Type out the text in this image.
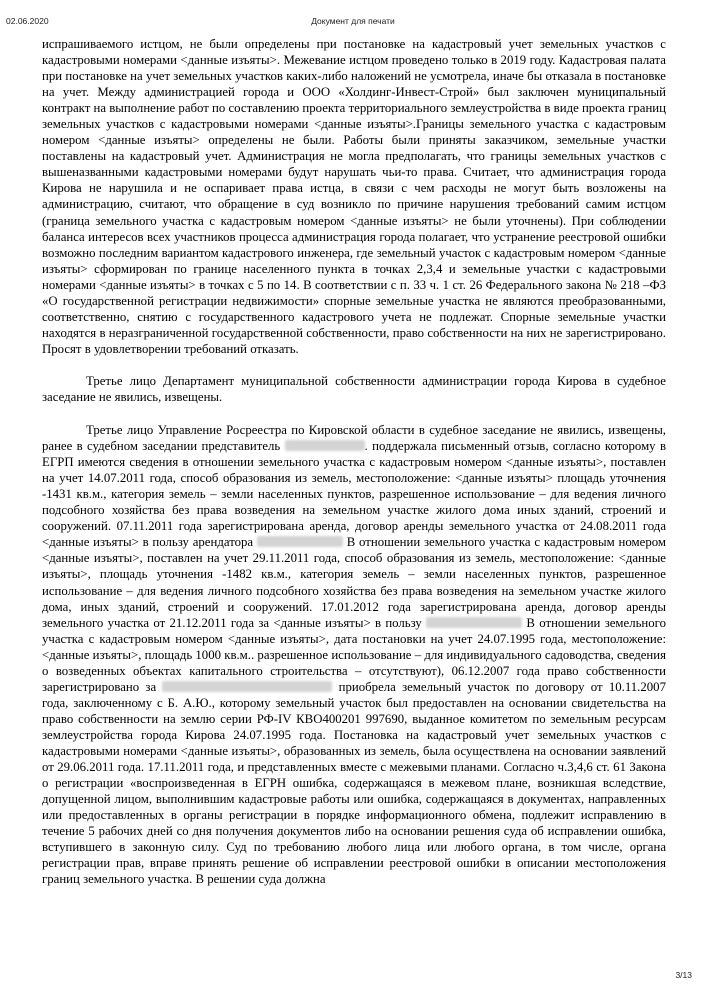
02.06.2020	Документ для печати

испрашиваемого истцом, не были определены при постановке на кадастровый учет земельных участков с кадастровыми номерами <данные изъяты>. Межевание истцом проведено только в 2019 году. Кадастровая палата при постановке на учет земельных участков каких-либо наложений не усмотрела, иначе бы отказала в постановке на учет. Между администрацией города и ООО «Холдинг-Инвест-Строй» был заключен муниципальный контракт на выполнение работ по составлению проекта территориального землеустройства в виде проекта границ земельных участков с кадастровыми номерами <данные изъяты>.Границы земельного участка с кадастровым номером <данные изъяты> определены не были. Работы были приняты заказчиком, земельные участки поставлены на кадастровый учет. Администрация не могла предполагать, что границы земельных участков с вышеназванными кадастровыми номерами будут нарушать чьи-то права. Считает, что администрация города Кирова не нарушила и не оспаривает права истца, в связи с чем расходы не могут быть возложены на администрацию, считают, что обращение в суд возникло по причине нарушения требований самим истцом (граница земельного участка с кадастровым номером <данные изъяты> не были уточнены). При соблюдении баланса интересов всех участников процесса администрация города полагает, что устранение реестровой ошибки возможно последним вариантом кадастрового инженера, где земельный участок с кадастровым номером <данные изъяты> сформирован по границе населенного пункта в точках 2,3,4 и земельные участки с кадастровыми номерами <данные изъяты> в точках с 5 по 14. В соответствии с п. 33 ч. 1 ст. 26 Федерального закона № 218 –ФЗ «О государственной регистрации недвижимости» спорные земельные участка не являются преобразованными, соответственно, снятию с государственного кадастрового учета не подлежат. Спорные земельные участки находятся в неразграниченной государственной собственности, право собственности на них не зарегистрировано. Просят в удовлетворении требований отказать.

Третье лицо Департамент муниципальной собственности администрации города Кирова в судебное заседание не явились, извещены.

Третье лицо Управление Росреестра по Кировской области в судебное заседание не явились, извещены, ранее в судебном заседании представитель	. поддержала письменный отзыв, согласно которому в ЕГРП имеются сведения в отношении земельного участка с кадастровым номером <данные изъяты>, поставлен на учет 14.07.2011 года, способ образования из земель, местоположение: <данные изъяты> площадь уточнения -1431 кв.м., категория земель – земли населенных пунктов, разрешенное использование – для ведения личного подсобного хозяйства без права возведения на земельном участке жилого дома иных зданий, строений и сооружений. 07.11.2011 года зарегистрирована аренда, договор аренды земельного участка от 24.08.2011 года <данные изъяты> в пользу арендатора	В отношении земельного участка с кадастровым номером <данные изъяты>, поставлен на учет 29.11.2011 года, способ образования из земель, местоположение: <данные изъяты>, площадь уточнения -1482 кв.м., категория земель – земли населенных пунктов, разрешенное использование – для ведения личного подсобного хозяйства без права возведения на земельном участке жилого дома, иных зданий, строений и сооружений. 17.01.2012 года зарегистрирована аренда, договор аренды земельного участка от 21.12.2011 года за <данные изъяты> в пользу	В отношении земельного участка с кадастровым номером <данные изъяты>, дата постановки на учет 24.07.1995 года, местоположение: <данные изъяты>, площадь 1000 кв.м.. разрешенное использование – для индивидуального садоводства, сведения о возведенных объектах капитального строительства – отсутствуют), 06.12.2007 года право собственности зарегистрировано за	приобрела земельный участок по договору от 10.11.2007 года, заключенному с Б. А.Ю., которому земельный участок был предоставлен на основании свидетельства на право собственности на землю серии РФ-IV КВО400201 997690, выданное комитетом по земельным ресурсам землеустройства города Кирова 24.07.1995 года. Постановка на кадастровый учет земельных участков с кадастровыми номерами <данные изъяты>, образованных из земель, была осуществлена на основании заявлений от 29.06.2011 года. 17.11.2011 года, и представленных вместе с межевыми планами. Согласно ч.3,4,6 ст. 61 Закона о регистрации «воспроизведенная в ЕГРН ошибка, содержащаяся в межевом плане, возникшая вследствие, допущенной лицом, выполнившим кадастровые работы или ошибка, содержащаяся в документах, направленных или предоставленных в органы регистрации в порядке информационного обмена, подлежит исправлению в течение 5 рабочих дней со дня получения документов либо на основании решения суда об исправлении ошибка, вступившего в законную силу. Суд по требованию любого лица или любого органа, в том числе, органа регистрации прав, вправе принять решение об исправлении реестровой ошибки в описании местоположения границ земельного участка. В решении суда должна

3/13
